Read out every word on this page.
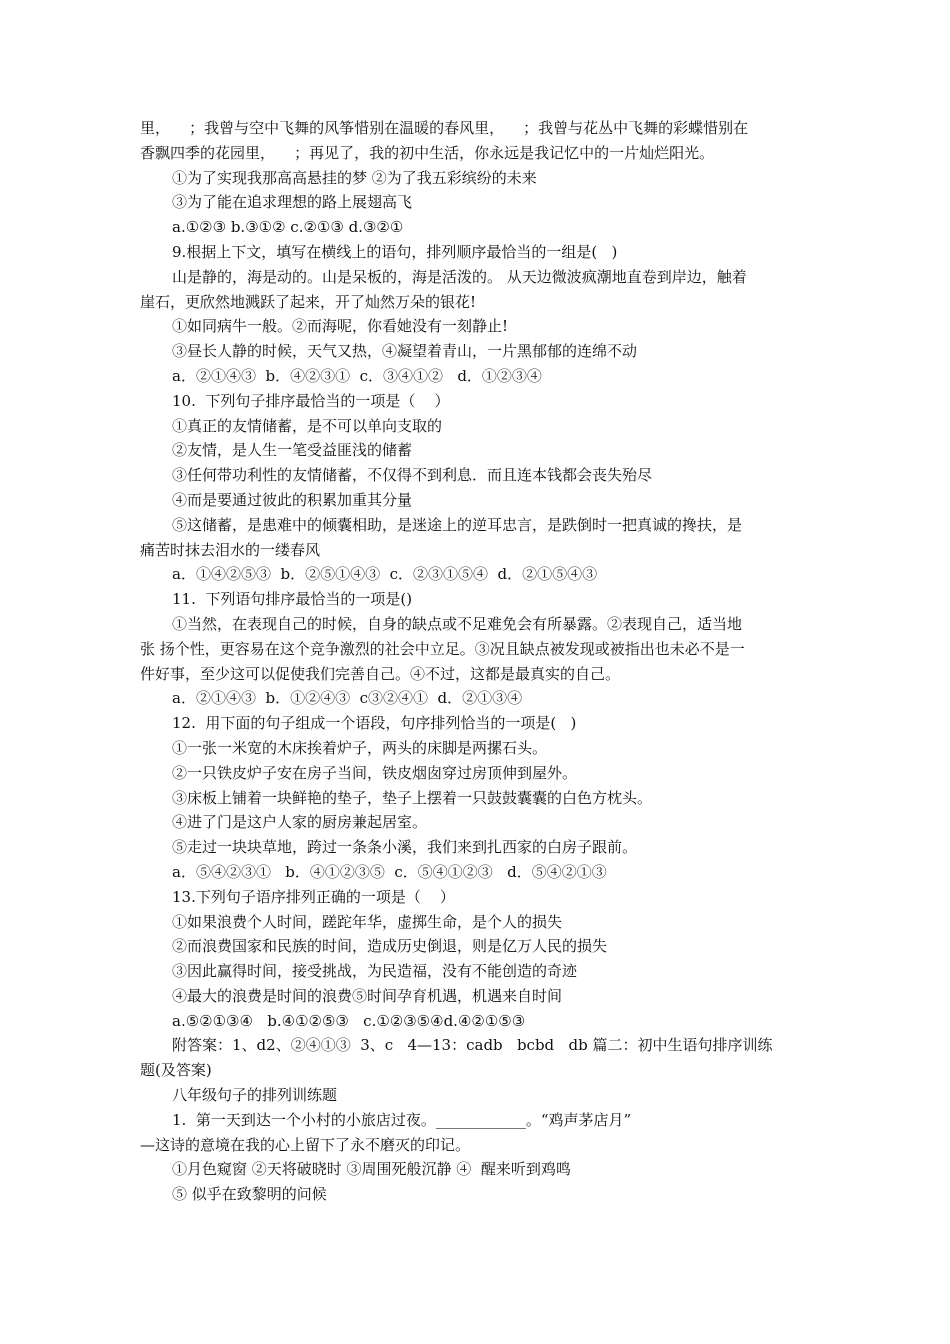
里，    ；我曾与空中飞舞的风筝惜别在温暖的春风里，    ；我曾与花丛中飞舞的彩蝶惜别在
香飘四季的花园里，    ；再见了，我的初中生活，你永远是我记忆中的一片灿烂阳光。
①为了实现我那高高悬挂的梦 ②为了我五彩缤纷的未来
③为了能在追求理想的路上展翅高飞
a.①②③ b.③①② c.②①③ d.③②①
9.根据上下文，填写在横线上的语句，排列顺序最恰当的一组是(   )
山是静的，海是动的。山是呆板的，海是活泼的。 从天边微波疯潮地直卷到岸边，触着
崖石，更欣然地溅跃了起来，开了灿然万朵的银花!
①如同病牛一般。②而海呢，你看她没有一刻静止!
③昼长人静的时候，天气又热，④凝望着青山，一片黑郁郁的连绵不动
a．②①④③  b．④②③①  c．③④①②   d．①②③④
10.  下列句子排序最恰当的一项是（    ）
①真正的友情储蓄，是不可以单向支取的
②友情，是人生一笔受益匪浅的储蓄
③任何带功利性的友情储蓄，不仅得不到利息．而且连本钱都会丧失殆尽
④而是要通过彼此的积累加重其分量
⑤这储蓄，是患难中的倾囊相助，是迷途上的逆耳忠言，是跌倒时一把真诚的搀扶，是
痛苦时抹去泪水的一缕春风
a．①④②⑤③  b．②⑤①④③  c．②③①⑤④  d．②①⑤④③
11.  下列语句排序最恰当的一项是()
①当然，在表现自己的时候，自身的缺点或不足难免会有所暴露。②表现自己，适当地
张 扬个性，更容易在这个竞争激烈的社会中立足。③况且缺点被发现或被指出也未必不是一
件好事，至少这可以促使我们完善自己。④不过，这都是最真实的自己。
a．②①④③  b．①②④③  c③②④①  d．②①③④
12.  用下面的句子组成一个语段，句序排列恰当的一项是(   )
①一张一米宽的木床挨着炉子，两头的床脚是两摞石头。
②一只铁皮炉子安在房子当间，铁皮烟囱穿过房顶伸到屋外。
③床板上铺着一块鲜艳的垫子，垫子上摆着一只鼓鼓囊囊的白色方枕头。
④进了门是这户人家的厨房兼起居室。
⑤走过一块块草地，跨过一条条小溪，我们来到扎西家的白房子跟前。
a．⑤④②③①   b．④①②③⑤  c．⑤④①②③   d．⑤④②①③
13.下列句子语序排列正确的一项是（    ）
①如果浪费个人时间，蹉跎年华，虚掷生命，是个人的损失
②而浪费国家和民族的时间，造成历史倒退，则是亿万人民的损失
③因此赢得时间，接受挑战，为民造福，没有不能创造的奇迹
④最大的浪费是时间的浪费⑤时间孕育机遇，机遇来自时间
a.⑤②①③④   b.④①②⑤③   c.①②③⑤④d.④②①⑤③
附答案：1、d2、②④①③  3、c   4—13：cadb   bcbd   db 篇二：初中生语句排序训练
题(及答案)
八年级句子的排列训练题
1.  第一天到达一个小村的小旅店过夜。____________。“鸡声茅店月”
—这诗的意境在我的心上留下了永不磨灭的印记。
①月色窥窗 ②天将破晓时 ③周围死般沉静 ④  醒来听到鸡鸣
⑤ 似乎在致黎明的问候
